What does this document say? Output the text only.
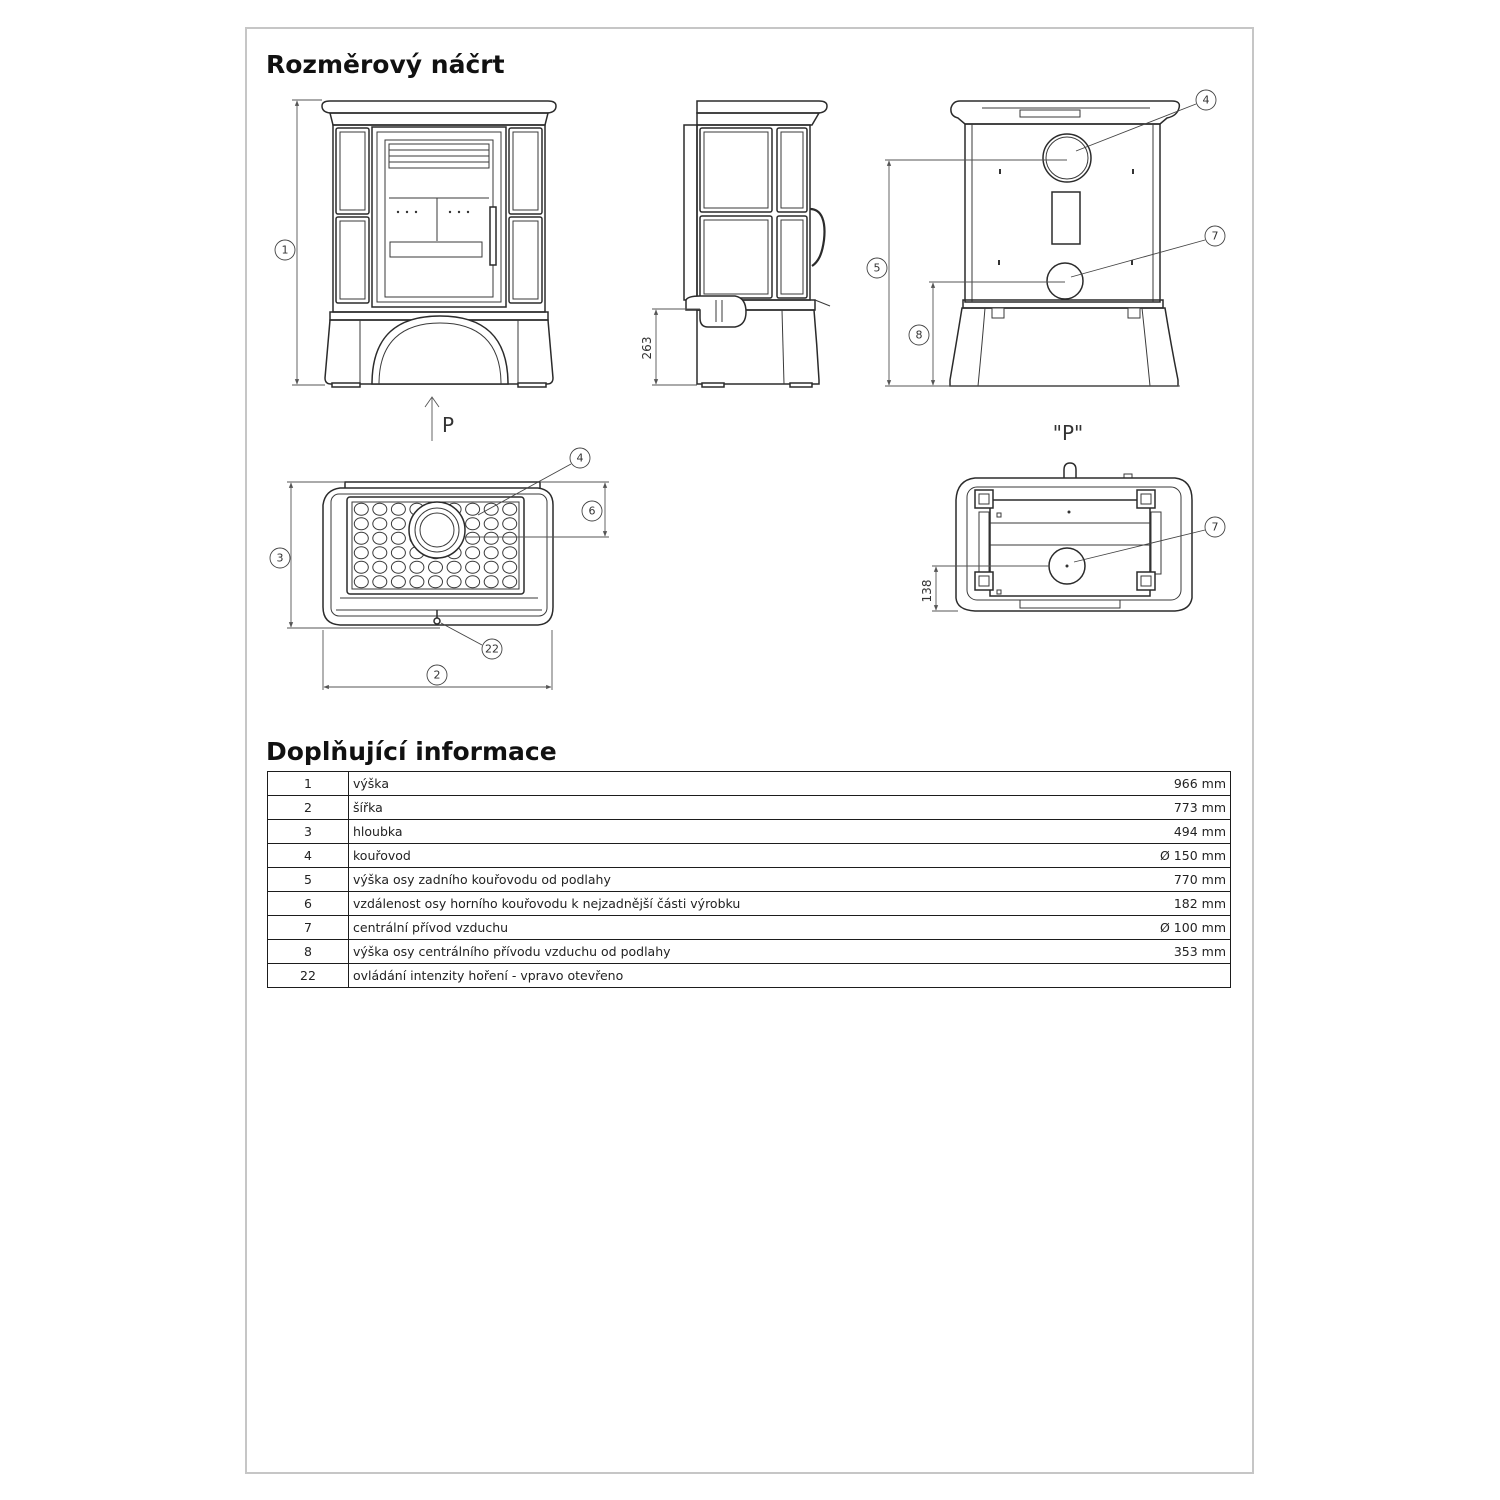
Rozměrový náčrt
1
P
263
5
8
4
7
3
2
6
4
22
"P"
138
7
Doplňující informace
1	výška 966 mm

2	šířka 773 mm

3	hloubka 494 mm

4	kouřovod Ø 150 mm

5	výška osy zadního kouřovodu od podlahy 770 mm

6	vzdálenost osy horního kouřovodu k nejzadnější části výrobku 182 mm

7	centrální přívod vzduchu Ø 100 mm

8	výška osy centrálního přívodu vzduchu od podlahy 353 mm

22	ovládání intenzity hoření - vpravo otevřeno
